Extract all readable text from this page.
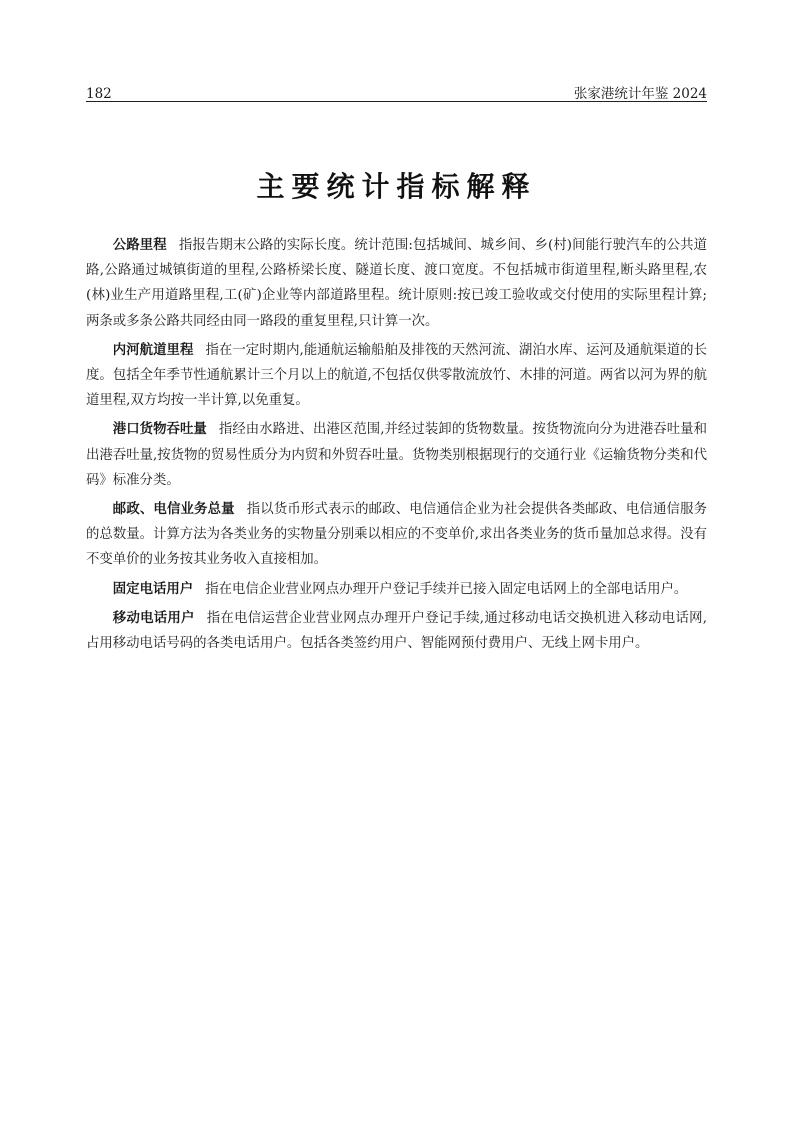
182	张家港统计年鉴 2024
主要统计指标解释

公路里程 指报告期末公路的实际长度。统计范围:包括城间、城乡间、乡(村)间能行驶汽车的公共道路,公路通过城镇街道的里程,公路桥梁长度、隧道长度、渡口宽度。不包括城市街道里程,断头路里程,农(林)业生产用道路里程,工(矿)企业等内部道路里程。统计原则:按已竣工验收或交付使用的实际里程计算;两条或多条公路共同经由同一路段的重复里程,只计算一次。

内河航道里程 指在一定时期内,能通航运输船舶及排筏的天然河流、湖泊水库、运河及通航渠道的长度。包括全年季节性通航累计三个月以上的航道,不包括仅供零散流放竹、木排的河道。两省以河为界的航道里程,双方均按一半计算,以免重复。

港口货物吞吐量 指经由水路进、出港区范围,并经过装卸的货物数量。按货物流向分为进港吞吐量和出港吞吐量,按货物的贸易性质分为内贸和外贸吞吐量。货物类别根据现行的交通行业《运输货物分类和代码》标准分类。

邮政、电信业务总量 指以货币形式表示的邮政、电信通信企业为社会提供各类邮政、电信通信服务的总数量。计算方法为各类业务的实物量分别乘以相应的不变单价,求出各类业务的货币量加总求得。没有不变单价的业务按其业务收入直接相加。

固定电话用户 指在电信企业营业网点办理开户登记手续并已接入固定电话网上的全部电话用户。

移动电话用户 指在电信运营企业营业网点办理开户登记手续,通过移动电话交换机进入移动电话网,占用移动电话号码的各类电话用户。包括各类签约用户、智能网预付费用户、无线上网卡用户。
